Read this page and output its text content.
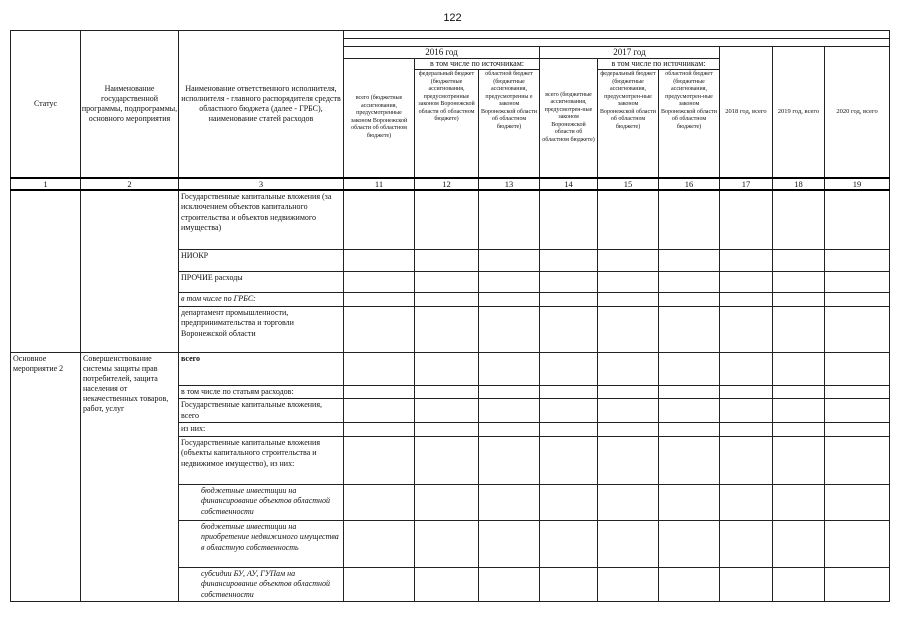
122
Статус	Наименование государственной программы, подпрограммы, основного мероприятия	Наименование ответственного исполнителя, исполнителя - главного распорядителя средств областного бюджета (далее - ГРБС), наименование статей расходов									

			2016 год			2017 год			2018 год, всего	2019 год, всего	2020 год, всего
			всего (бюджетные ассигнования, предусмотренные законом Воронежской области об областном бюджете)	в том числе по источникам:		всего (бюджетные ассигнования, предусмотрен-ные законом Воронежской области об областном бюджете)	в том числе по источникам:				
				федеральный бюджет (бюджетные ассигнования, предусмотренные законом Воронежской области об областном бюджете)	областной бюджет (бюджетные ассигнования, предусмотренны е законом Воронежской области об областном бюджете)		федеральный бюджет (бюджетные ассигнования, предусмотрен-ные законом Воронежской области об областном бюджете)	областной бюджет (бюджетные ассигнования, предусмотрен-ные законом Воронежской области об областном бюджете)			
1	2	3	11	12	13	14	15	16	17	18	19
		Государственные капитальные вложения (за исключением объектов капитального строительства и объектов недвижимого имущества)									
		НИОКР									
		ПРОЧИЕ расходы									
		в том числе по ГРБС:									
		департамент промышленности, предпринимательства и торговли Воронежской области									
Основное мероприятие 2	Совершенствование системы защиты прав потребителей, защита населения от некачественных товаров, работ, услуг	всего									
		в том числе по статьям расходов:									
		Государственные капитальные вложения, всего									
		из них:									
		Государственные капитальные вложения (объекты капитального строительства и недвижимое имущество), из них:									
		бюджетные инвестиции на финансирование объектов областной собственности									
		бюджетные инвестиции на приобретение недвижимого имущества в областную собственность									
		субсидии БУ, АУ, ГУПам на финансирование объектов областной собственности									
